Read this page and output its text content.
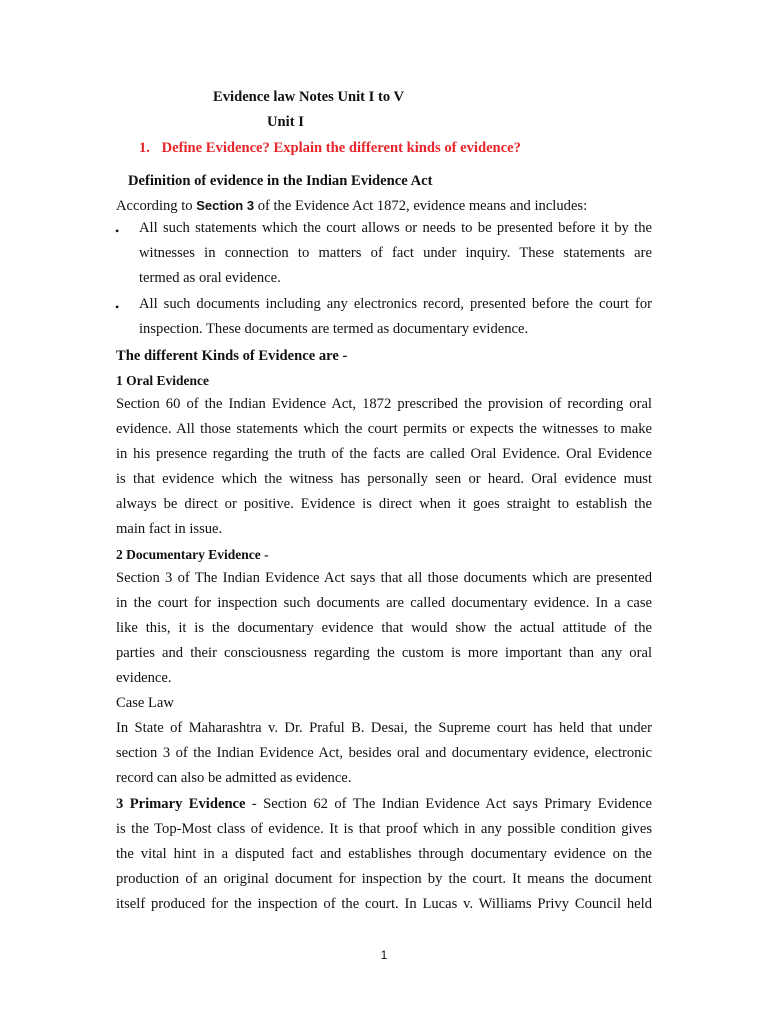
Evidence law Notes Unit I to V
Unit I
1. Define Evidence? Explain the different kinds of evidence?
Definition of evidence in the Indian Evidence Act
According to Section 3 of the Evidence Act 1872, evidence means and includes:
• All such statements which the court allows or needs to be presented before it by the

witnesses in connection to matters of fact under inquiry. These statements are

termed as oral evidence.

• All such documents including any electronics record, presented before the court for

inspection. These documents are termed as documentary evidence.

The different Kinds of Evidence are -
1 Oral Evidence

Section 60 of the Indian Evidence Act, 1872 prescribed the provision of recording oral

evidence. All those statements which the court permits or expects the witnesses to make

in his presence regarding the truth of the facts are called Oral Evidence. Oral Evidence

is that evidence which the witness has personally seen or heard. Oral evidence must

always be direct or positive. Evidence is direct when it goes straight to establish the

main fact in issue.

2 Documentary Evidence -

Section 3 of The Indian Evidence Act says that all those documents which are presented

in the court for inspection such documents are called documentary evidence. In a case

like this, it is the documentary evidence that would show the actual attitude of the

parties and their consciousness regarding the custom is more important than any oral

evidence.

Case Law

In State of Maharashtra v. Dr. Praful B. Desai, the Supreme court has held that under

section 3 of the Indian Evidence Act, besides oral and documentary evidence, electronic

record can also be admitted as evidence.

3 Primary Evidence - Section 62 of The Indian Evidence Act says Primary Evidence

is the Top-Most class of evidence. It is that proof which in any possible condition gives

the vital hint in a disputed fact and establishes through documentary evidence on the

production of an original document for inspection by the court. It means the document

itself produced for the inspection of the court. In Lucas v. Williams Privy Council held

1
